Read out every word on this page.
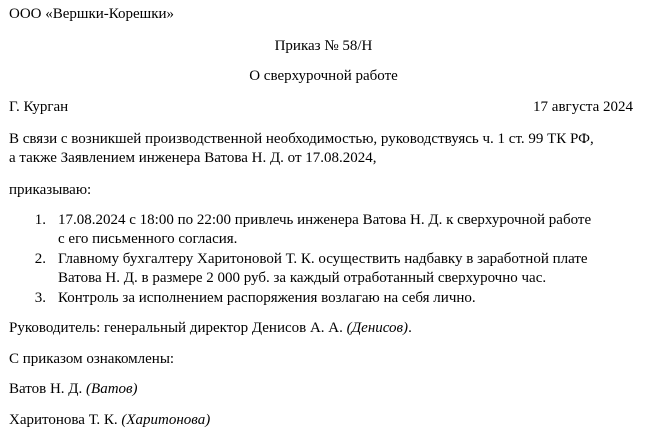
ООО «Вершки-Корешки»
Приказ № 58/Н
О сверхурочной работе
Г. Курган	17 августа 2024
В связи с возникшей производственной необходимостью, руководствуясь ч. 1 ст. 99 ТК РФ,
а также Заявлением инженера Ватова Н. Д. от 17.08.2024,
приказываю:
1. 17.08.2024 с 18:00 по 22:00 привлечь инженера Ватова Н. Д. к сверхурочной работе
с его письменного согласия.
2. Главному бухгалтеру Харитоновой Т. К. осуществить надбавку в заработной плате
Ватова Н. Д. в размере 2 000 руб. за каждый отработанный сверхурочно час.
3. Контроль за исполнением распоряжения возлагаю на себя лично.
Руководитель: генеральный директор Денисов А. А. (Денисов).
С приказом ознакомлены:
Ватов Н. Д. (Ватов)
Харитонова Т. К. (Харитонова)
